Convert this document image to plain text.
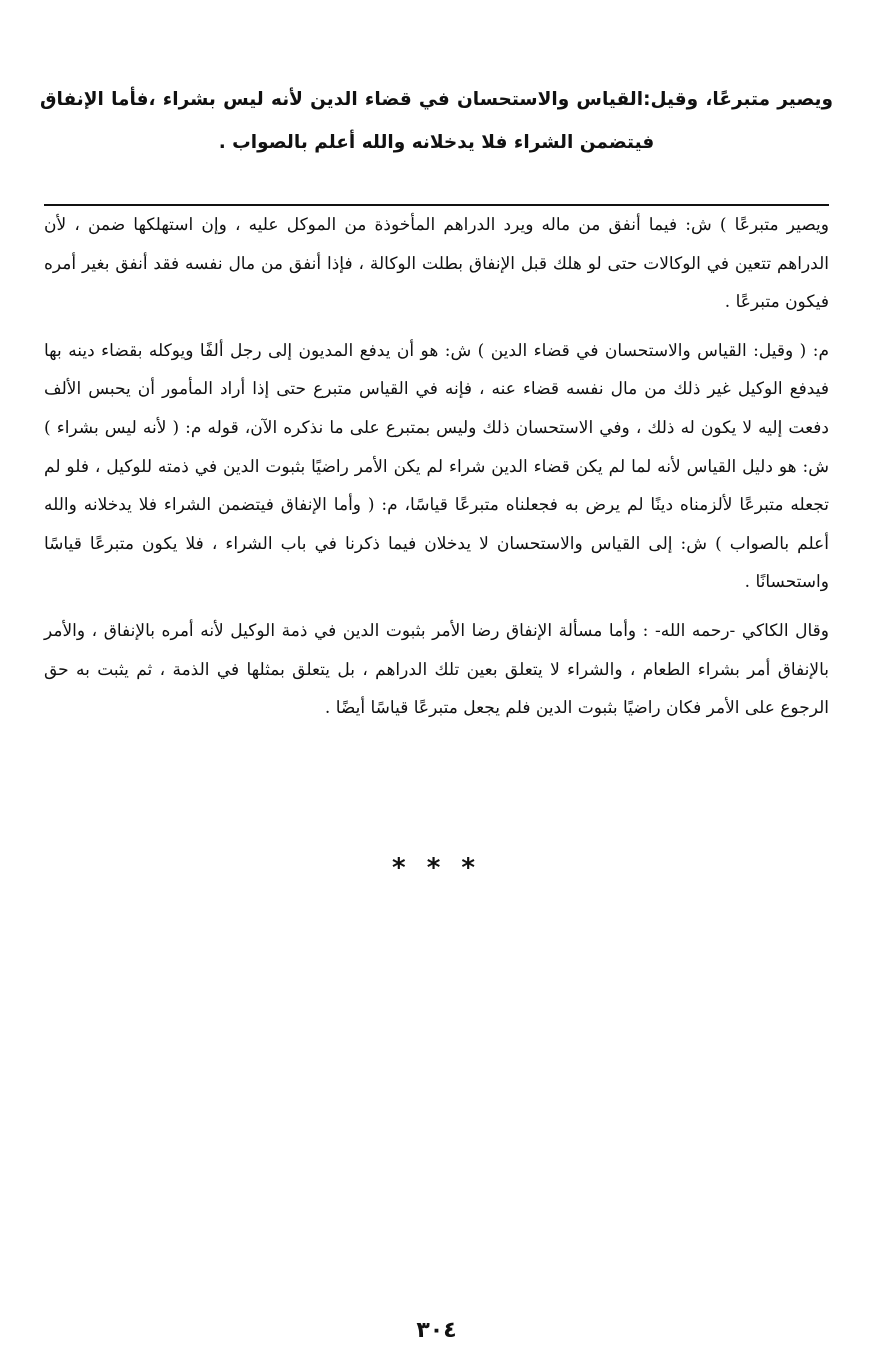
ويصير متبرعًا، وقيل:القياس والاستحسان في قضاء الدين لأنه ليس بشراء ،فأما الإنفاق فيتضمن الشراء فلا يدخلانه والله أعلم بالصواب .

ويصير متبرعًا ) ش: فيما أنفق من ماله ويرد الدراهم المأخوذة من الموكل عليه ، وإن استهلكها ضمن ، لأن الدراهم تتعين في الوكالات حتى لو هلك قبل الإنفاق بطلت الوكالة ، فإذا أنفق من مال نفسه فقد أنفق بغير أمره فيكون متبرعًا .

م: ( وقيل: القياس والاستحسان في قضاء الدين ) ش: هو أن يدفع المديون إلى رجل ألفًا ويوكله بقضاء دينه بها فيدفع الوكيل غير ذلك من مال نفسه قضاء عنه ، فإنه في القياس متبرع حتى إذا أراد المأمور أن يحبس الألف دفعت إليه لا يكون له ذلك ، وفي الاستحسان ذلك وليس بمتبرع على ما نذكره الآن، قوله م: ( لأنه ليس بشراء ) ش: هو دليل القياس لأنه لما لم يكن قضاء الدين شراء لم يكن الأمر راضيًا بثبوت الدين في ذمته للوكيل ، فلو لم تجعله متبرعًا لألزمناه دينًا لم يرض به فجعلناه متبرعًا قياسًا، م: ( وأما الإنفاق فيتضمن الشراء فلا يدخلانه والله أعلم بالصواب ) ش: إلى القياس والاستحسان لا يدخلان فيما ذكرنا في باب الشراء ، فلا يكون متبرعًا قياسًا واستحسانًا .

وقال الكاكي -رحمه الله- : وأما مسألة الإنفاق رضا الأمر بثبوت الدين في ذمة الوكيل لأنه أمره بالإنفاق ، والأمر بالإنفاق أمر بشراء الطعام ، والشراء لا يتعلق بعين تلك الدراهم ، بل يتعلق بمثلها في الذمة ، ثم يثبت به حق الرجوع على الأمر فكان راضيًا بثبوت الدين فلم يجعل متبرعًا قياسًا أيضًا .

* * *
٣٠٤
